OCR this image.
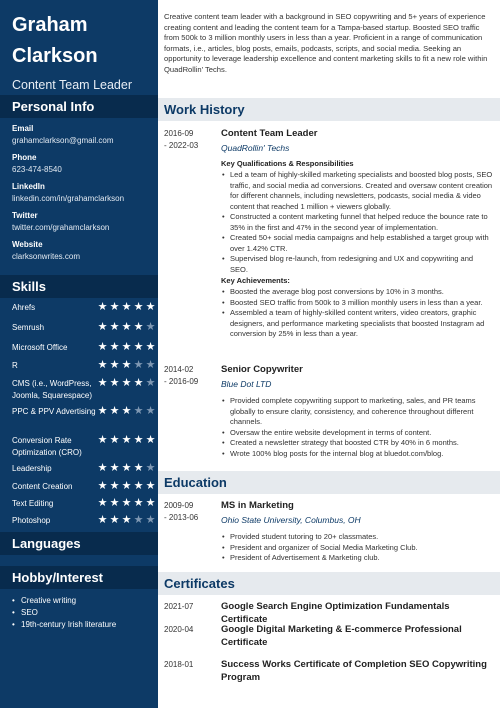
Graham
Clarkson
Content Team Leader
Personal Info
Email
grahamclarkson@gmail.com
Phone
623-474-8540
LinkedIn
linkedin.com/in/grahamclarkson
Twitter
twitter.com/grahamclarkson
Website
clarksonwrites.com
Skills
Ahrefs	★ ★ ★ ★ ★
Semrush	★ ★ ★ ★ ★
Microsoft Office	★ ★ ★ ★ ★
R	★ ★ ★ ★ ★
CMS (i.e., WordPress, Joomla, Squarespace)
★ ★ ★ ★ ★
PPC & PPV Advertising ★ ★ ★ ★ ★
Conversion Rate Optimization (CRO)
★ ★ ★ ★ ★
Leadership	★ ★ ★ ★ ★
Content Creation	★ ★ ★ ★ ★
Text Editing	★ ★ ★ ★ ★
Photoshop	★ ★ ★ ★ ★
Languages
Hobby/Interest
• Creative writing
• SEO
• 19th-century Irish literature
Creative content team leader with a background in SEO copywriting and 5+ years of experience creating content and leading the content team for a Tampa-based startup. Boosted SEO traffic from 500k to 3 million monthly users in less than a year. Proficient in a range of communication formats, i.e., articles, blog posts, emails, podcasts, scripts, and social media. Seeking an opportunity to leverage leadership excellence and content marketing skills to fit a new role within QuadRollin' Techs.
Work History
2016-09
- 2022-03
Content Team Leader
QuadRollin' Techs
Key Qualifications & Responsibilities
• Led a team of highly-skilled marketing specialists and boosted blog posts, SEO traffic, and social media ad conversions. Created and oversaw content creation for different channels, including newsletters, podcasts, social media & video content that reached 1 million + viewers globally.
• Constructed a content marketing funnel that helped reduce the bounce rate to 35% in the first and 47% in the second year of implementation.
• Created 50+ social media campaigns and help established a target group with over 1.42% CTR.
• Supervised blog re-launch, from redesigning and UX and copywriting and SEO.
Key Achievements:
• Boosted the average blog post conversions by 10% in 3 months.
• Boosted SEO traffic from 500k to 3 million monthly users in less than a year.
• Assembled a team of highly-skilled content writers, video creators, graphic designers, and performance marketing specialists that boosted Instagram ad conversion by 25% in less than a year.
2014-02
- 2016-09
Senior Copywriter
Blue Dot LTD
• Provided complete copywriting support to marketing, sales, and PR teams globally to ensure clarity, consistency, and coherence throughout different channels.
• Oversaw the entire website development in terms of content.
• Created a newsletter strategy that boosted CTR by 40% in 6 months.
• Wrote 100% blog posts for the internal blog at bluedot.com/blog.
Education
2009-09
- 2013-06
MS in Marketing
Ohio State University, Columbus, OH
• Provided student tutoring to 20+ classmates.
• President and organizer of Social Media Marketing Club.
• President of Advertisement & Marketing club.
Certificates
2021-07	Google Search Engine Optimization Fundamentals Certificate
2020-04	Google Digital Marketing & E-commerce Professional Certificate
2018-01	Success Works Certificate of Completion SEO Copywriting Program
